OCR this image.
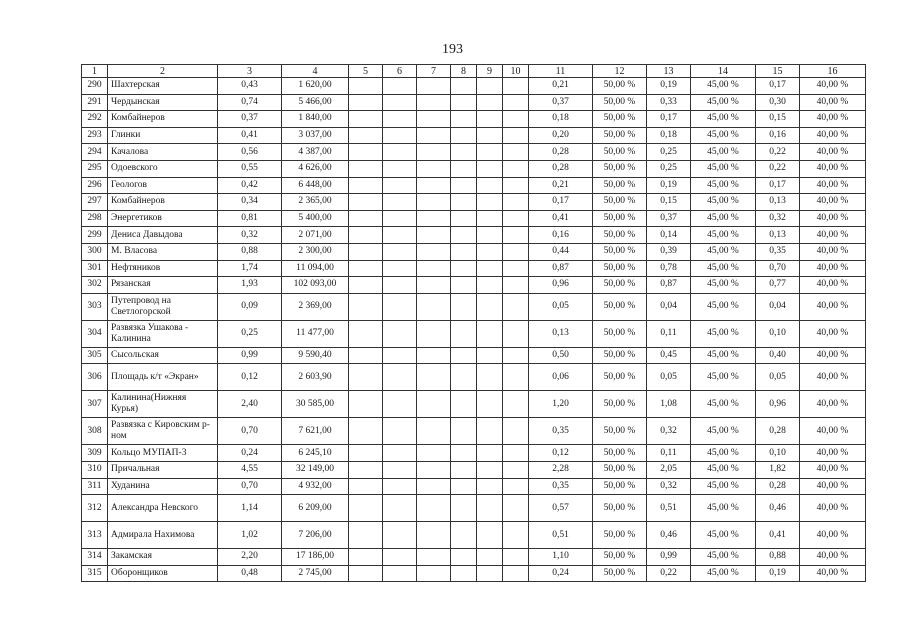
193
1	2	3	4	5	6	7	8	9	10	11	12	13	14	15	16
290	Шахтерская	0,43	1 620,00							0,21	50,00 %	0,19	45,00 %	0,17	40,00 %
291	Чердынская	0,74	5 466,00							0,37	50,00 %	0,33	45,00 %	0,30	40,00 %
292	Комбайнеров	0,37	1 840,00							0,18	50,00 %	0,17	45,00 %	0,15	40,00 %
293	Глинки	0,41	3 037,00							0,20	50,00 %	0,18	45,00 %	0,16	40,00 %
294	Качалова	0,56	4 387,00							0,28	50,00 %	0,25	45,00 %	0,22	40,00 %
295	Одоевского	0,55	4 626,00							0,28	50,00 %	0,25	45,00 %	0,22	40,00 %
296	Геологов	0,42	6 448,00							0,21	50,00 %	0,19	45,00 %	0,17	40,00 %
297	Комбайнеров	0,34	2 365,00							0,17	50,00 %	0,15	45,00 %	0,13	40,00 %
298	Энергетиков	0,81	5 400,00							0,41	50,00 %	0,37	45,00 %	0,32	40,00 %
299	Дениса Давыдова	0,32	2 071,00							0,16	50,00 %	0,14	45,00 %	0,13	40,00 %
300	М. Власова	0,88	2 300,00							0,44	50,00 %	0,39	45,00 %	0,35	40,00 %
301	Нефтяников	1,74	11 094,00							0,87	50,00 %	0,78	45,00 %	0,70	40,00 %
302	Рязанская	1,93	102 093,00							0,96	50,00 %	0,87	45,00 %	0,77	40,00 %
303	Путепровод на Светлогорской	0,09	2 369,00							0,05	50,00 %	0,04	45,00 %	0,04	40,00 %
304	Развязка Ушакова - Калинина	0,25	11 477,00							0,13	50,00 %	0,11	45,00 %	0,10	40,00 %
305	Сысольская	0,99	9 590,40							0,50	50,00 %	0,45	45,00 %	0,40	40,00 %
306	Площадь к/т «Экран»	0,12	2 603,90							0,06	50,00 %	0,05	45,00 %	0,05	40,00 %
307	Калинина(Нижняя Курья)	2,40	30 585,00							1,20	50,00 %	1,08	45,00 %	0,96	40,00 %
308	Развязка с Кировским р-ном	0,70	7 621,00							0,35	50,00 %	0,32	45,00 %	0,28	40,00 %
309	Кольцо МУПАП-3	0,24	6 245,10							0,12	50,00 %	0,11	45,00 %	0,10	40,00 %
310	Причальная	4,55	32 149,00							2,28	50,00 %	2,05	45,00 %	1,82	40,00 %
311	Худанина	0,70	4 932,00							0,35	50,00 %	0,32	45,00 %	0,28	40,00 %
312	Александра Невского	1,14	6 209,00							0,57	50,00 %	0,51	45,00 %	0,46	40,00 %
313	Адмирала Нахимова	1,02	7 206,00							0,51	50,00 %	0,46	45,00 %	0,41	40,00 %
314	Закамская	2,20	17 186,00							1,10	50,00 %	0,99	45,00 %	0,88	40,00 %
315	Оборонщиков	0,48	2 745,00							0,24	50,00 %	0,22	45,00 %	0,19	40,00 %
